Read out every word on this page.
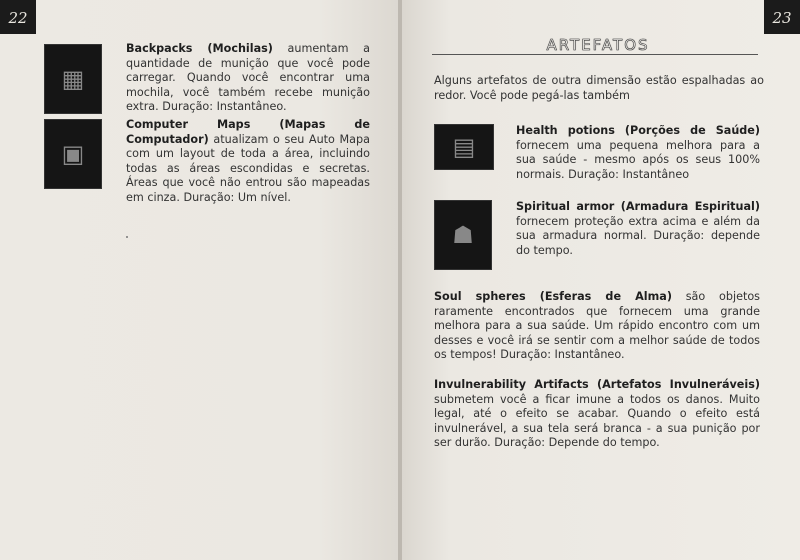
22
▦
Backpacks (Mochilas) aumentam a quantidade de munição que você pode carregar. Quando você encontrar uma mochila, você também recebe munição extra. Duração: Instantâneo.
▣
Computer Maps (Mapas de Computador) atualizam o seu Auto Mapa com um layout de toda a área, incluindo todas as áreas escondidas e secretas. Áreas que você não entrou são mapeadas em cinza. Duração: Um nível.
23
ARTEFATOS
Alguns artefatos de outra dimensão estão espalhadas ao redor. Você pode pegá-las também
▤
Health potions (Porções de Saúde) fornecem uma pequena melhora para a sua saúde - mesmo após os seus 100% normais. Duração: Instantâneo
☗
Spiritual armor (Armadura Espiritual) fornecem proteção extra acima e além da sua armadura normal. Duração: depende do tempo.
Soul spheres (Esferas de Alma) são objetos raramente encontrados que fornecem uma grande melhora para a sua saúde. Um rápido encontro com um desses e você irá se sentir com a melhor saúde de todos os tempos! Duração: Instantâneo.
Invulnerability Artifacts (Artefatos Invulneráveis) submetem você a ficar imune a todos os danos. Muito legal, até o efeito se acabar. Quando o efeito está invulnerável, a sua tela será branca - a sua punição por ser durão. Duração: Depende do tempo.
